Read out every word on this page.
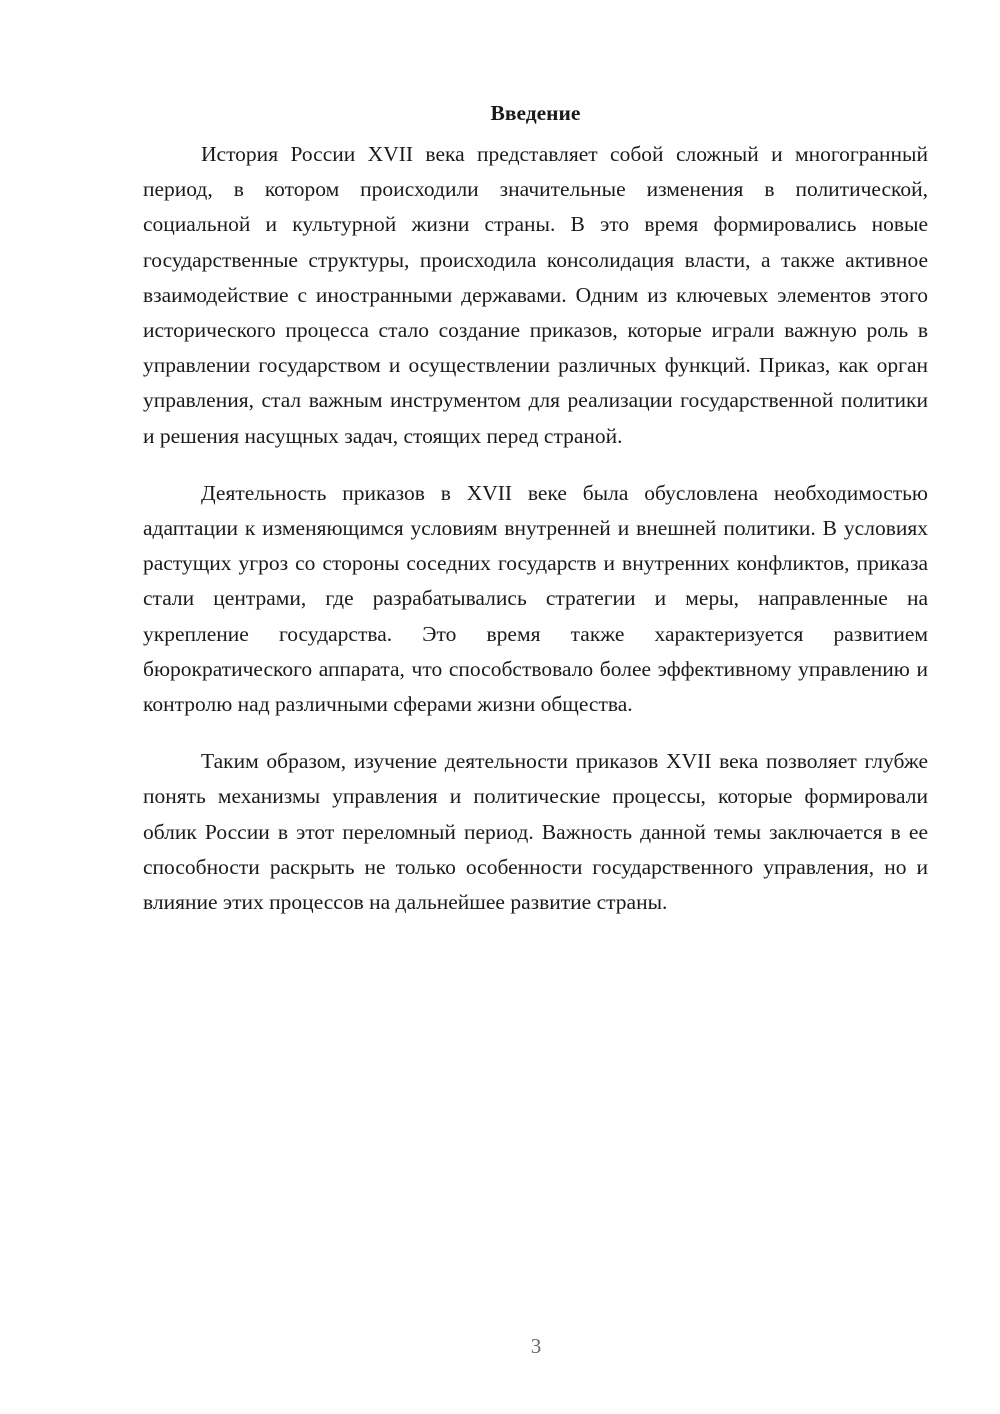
Введение

История России XVII века представляет собой сложный и многогранный период, в котором происходили значительные изменения в политической, социальной и культурной жизни страны. В это время формировались новые государственные структуры, происходила консолидация власти, а также активное взаимодействие с иностранными державами. Одним из ключевых элементов этого исторического процесса стало создание приказов, которые играли важную роль в управлении государством и осуществлении различных функций. Приказ, как орган управления, стал важным инструментом для реализации государственной политики и решения насущных задач, стоящих перед страной.

Деятельность приказов в XVII веке была обусловлена необходимостью адаптации к изменяющимся условиям внутренней и внешней политики. В условиях растущих угроз со стороны соседних государств и внутренних конфликтов, приказа стали центрами, где разрабатывались стратегии и меры, направленные на укрепление государства. Это время также характеризуется развитием бюрократического аппарата, что способствовало более эффективному управлению и контролю над различными сферами жизни общества.

Таким образом, изучение деятельности приказов XVII века позволяет глубже понять механизмы управления и политические процессы, которые формировали облик России в этот переломный период. Важность данной темы заключается в ее способности раскрыть не только особенности государственного управления, но и влияние этих процессов на дальнейшее развитие страны.

3
